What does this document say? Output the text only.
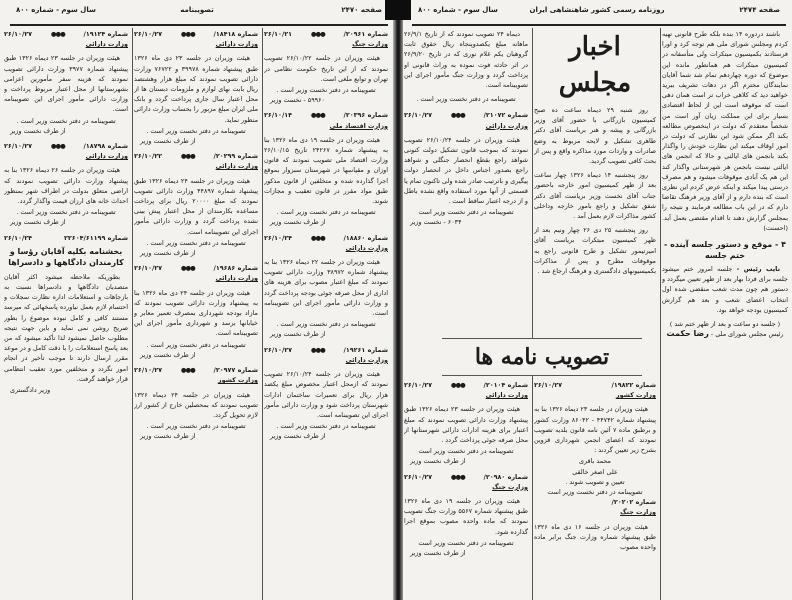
صفحه ۲۴۷۰
تصویبنامه
سال سوم - شماره ۸۰۰
شماره ۲۰۹۶۱/
●●●
۲۶/۱۰/۲۱
وزارت جنگ
هیئت وزیران در جلسه ۲۶/۱۰/۲۲ تصویب نمودند که از این تاریخ حکومت نظامی در تهران و توابع ملغی است.
تصویبنامه در دفتر نخست وزیر است .
۵۹۹۶۰ - نخست وزیر
شماره ۲۰۳۹۶/
●●●
۲۶/۱۰/۱۴
وزارت اقتصاد ملی
هیئت وزیران در جلسه ۱۹ دی ماه ۱۳۲۶ بنا به پیشنهاد شماره ۲۴۲۶۷ تاریخ ۲۶/۱۰/۱۵ وزارت اقتصاد ملی تصویب نمودند که قانون اوزان و مقیاسها در شهرستان سبزوار بموقع اجرا گذارده شده و متخلفین از قانون مذکور طبق مواد مقرر در قانون تعقیب و مجازات شوند.
تصویبنامه در دفتر نخست وزیر است .
از طرف نخست وزیر
شماره ۱۸۸۶۰/
●●●
۲۶/۱۰/۲۴
وزارت دارائی
هیئت وزیران در جلسه ۲۲ دیماه ۱۳۲۶ بنا به پیشنهاد شماره ۳۸۹۷۲ وزارت دارائی تصویب نمودند که مبلغ اعتبار مصوب برای هزینه های اداری از محل صرفه جوئی بودجه پرداخت گردد و وزارت دارائی مأمور اجرای این تصویبنامه است.
تصویبنامه در دفتر نخست وزیر است .
از طرف نخست وزیر
شماره ۱۹۲۶۱/
●●●
۲۶/۱۰/۲۷
وزارت دارائی
هیئت وزیران در جلسه ۲۶/۱۰/۲۴ تصویب نمودند که ازمحل اعتبار مخصوص مبلغ یکصد هزار ریال برای تعمیرات ساختمان ادارات شهرستان پرداخت شود و وزارت دارائی مأمور اجرای این تصویبنامه است.
تصویبنامه در دفتر نخست وزیر است .
از طرف نخست وزیر
شماره ۱۸۴۱۸/
●●●
۲۶/۱۰/۲۷
وزارت دارائی
هیئت وزیران در جلسه ۲۳ دی ماه ۱۳۲۶ طبق پیشنهاد شماره ۳۹۹۷۸ و ۷۶۷۲۲ وزارت دارائی تصویب نمودند که مبلغ هزار وهشتصد ریال بابت بهای لوازم و ملزومات دبستان ها از محل اعتبار سال جاری پرداخت گردد و بانک ملی ایران مبلغ مزبور را بحساب وزارت دارائی منظور نماید.
تصویبنامه در دفتر نخست وزیر است .
از طرف نخست وزیر
شماره ۲۰۲۹۹/
●●●
۲۶/۱۰/۲۲
وزارت دارائی
هیئت وزیران در جلسه ۲۴ دیماه ۱۳۲۶ طبق پیشنهاد شماره ۴۴۸۹۷ وزارت دارائی تصویب نمودند که مبلغ ۲۰۰۰۰ ریال برای پرداخت مساعده بکارمندان از محل اعتبار پیش بینی نشده پرداخت گردد و وزارت دارائی مأمور اجرای این تصویبنامه است.
تصویبنامه در دفتر نخست وزیر است .
از طرف نخست وزیر
شماره ۱۹۶۸۶/
●●●
۲۶/۱۰/۲۷
وزارت دارائی
هیئت وزیران در جلسه ۲۴ دی ماه ۱۳۲۶ بنا به پیشنهاد وزارت دارائی تصویب نمودند که مازاد بودجه شهرداری بمصرف تعمیر معابر و خیابانها برسد و شهرداری مأمور اجرای این تصویبنامه است.
تصویبنامه در دفتر نخست وزیر است .
از طرف نخست وزیر
شماره ۲۰۹۷۷/
●●●
۲۶/۱۰/۲۷
وزارت کشور
هیئت وزیران در جلسه ۲۴ دیماه ۱۳۲۶ تصویب نمودند که بمحصلین خارج از کشور ارز لازم تحویل گردد.
تصویبنامه در دفتر نخست وزیر است .
از طرف نخست وزیر
شماره ۱۹۱۲۴/
●●●
۲۶/۱۰/۲۷
وزارت دارائی
هیئت وزیران در جلسه ۲۳ دیماه ۱۳۲۶ طبق پیشنهاد شماره ۳۹۷۷ وزارت دارائی تصویب نمودند که هزینه سفر مأمورین اعزامی بشهرستانها از محل اعتبار مربوط پرداخت و وزارت دارائی مأمور اجرای این تصویبنامه است.
تصویبنامه در دفتر نخست وزیر است .
از طرف نخست وزیر
شماره ۱۸۷۹۸/
●●●
۲۶/۱۰/۲۷
وزارت دارائی
هیئت وزیران در جلسه ۲۶ دیماه ۱۳۲۶ بنا به پیشنهاد وزارت دارائی تصویب نمودند که اراضی متعلق بدولت در اطراف شهر بمنظور احداث خانه های ارزان قیمت واگذار گردد.
تصویبنامه در دفتر نخست وزیر است .
از طرف نخست وزیر
شماره ۲۲۶۰۴/۶۱۱۹۹
۲۶/۱۰/۲۴
بخشنامه بکلیه آقایان رؤسا و کارمندان دادگاهها و دادسراها
بطوریکه ملاحظه میشود اکثر آقایان متصدیان دادگاهها و دادسراها نسبت به بازجاهات و استعلامات اداره نظارت سجلات و احتسام لازم بعمل نیاورده پاسخهائی که میرسد مستند کافی و کامل نبوده موضوع را بطور صریح روشن نمی نماید و باین جهت نتیجه مطلوب حاصل نمیشود لذا تأکید میشود که من بعد پاسخ استعلامات را با دقت کامل و در موعد مقرر ارسال دارند تا موجب تأخیر در انجام امور نگردد و متخلفین مورد تعقیب انتظامی قرار خواهند گرفت.
وزیر دادگستری
صفحه ۲۴۷۴
روزنامه رسمی کشور شاهنشاهی ایران
سال سوم - شماره ۸۰۰
باشند دردوره ۱۴ بنده بلکه طرح قانونی تهیه کردم ومجلس شورای ملی هم توجه کرد و اورا فرستادند بکمیسیون مبتکرات ولی متأسفانه در کمیسیون مبتکرات هم همانطور مانده این موضوع که دوره چهاردهم تمام شد شما آقایان نمایندگان محترم اگر در دهات تشریف ببرید خواهید دید که کلاهی خراب تر است همان دهی است که موقوفه است این از لحاظ اقتصادی بسیار برای این مملکت زیان آور است من شخصاً معتقدم که دولت در اینخصوص مطالعه بکند اگر ممکن شود این نظارتی که دولت در امور اوقاف میکند این نظارت خودش را واگذار بکند بانجمن های ایالتی و حالا که انجمن های ایالتی نیست بانجمن هر شهرستانی واگذار کند این هم یک آبادی موقوفات میشود و هم مصرف درستی پیدا میکند و اینکه عرض کردم این نظری است که بنده دارم و از آقای وزیر فرهنگ تقاضا دارم که در این باب مطالعه فرمایند و نتیجه را بمجلس گزارش دهند تا اقدام مقتضی بعمل آید. (احسنت)
۴ - موقع و دستور جلسه آینده - ختم جلسه
نایب رئیس - جلسه امروز ختم میشود جلسه برای فردا بهار بعد از ظهر تعیین میگردد و دستور هم چون مدت شعب منقضی شده اول انتخاب اعضای شعب و بعد هم گزارش کمیسیون بودجه خواهد بود.
( جلسه دو ساعت و بعد از ظهر ختم شد )
رئیس مجلس شورای ملی - رضا حکمت
اخبار مجلس
روز شنبه ۲۹ دیماه ساعت ده صبح کمیسیون بازرگانی با حضور آقای وزیر بازرگانی و پیشه و هنر بریاست آقای دکتر طاهری تشکیل و لایحه مربوط به وضع صادرات و واردات مورد مذاکره واقع و پس از بحث کافی تصویب گردید.
روز پنجشنبه ۱۴ دیماه ۱۳۲۶ چهار ساعت بعد از ظهر کمیسیون امور خارجه باحضور جناب آقای نخست وزیر بریاست آقای دکتر شفق تشکیل و راجع بامور خارجه وداخلی کشور مذاکرات لازم بعمل آمد .
روز پنجشنبه ۲۵ دی ۲۶ چهار ونیم بعد از ظهر کمیسیون مبتکرات بریاست آقای امیرتیمور تشکیل و طرح قانونی راجع به موقوفات مطرح و پس از مذاکرات بکمیسیونهای دادگستری و فرهنگ ارجاع شد .
شماره ۱۹۸۲۲/
۲۶/۱۰/۲۷
وزارت کشور
هیئت وزیران در جلسه ۲۳ دیماه ۱۳۲۶ بنا به پیشنهاد شماره ۴۴۷۴۲ - ۸۶۰۴۲ وزارت کشور و برطبق ماده ۷ آئین نامه قانون بلدیه تصویب نمودند که اعضای انجمن شهرداری قزوین بشرح زیر تعیین گردند :
محمد باقری
علی اصغر خالقی
تعیین و تصویب شوند .
تصویبنامه در دفتر نخست وزیر است
شماره ۲۰۲۰۲/
وزارت جنگ
هیئت وزیران در جلسه ۱۶ دی ماه ۱۳۲۶ طبق پیشنهاد شماره وزارت جنگ برابر ماده واحده مصوب
دیماه ۲۴ تصویب نمودند که از تاریخ ۲۶/۹/۱ ماهانه مبلغ یکصدوپنجاه ریال حقوق ثابت گروهبان یکم غلام نوری که در تاریخ ۲۶/۹/۲۰ در اثر حادثه فوت نموده به وراث قانونی او پرداخت گردد و وزارت جنگ مأمور اجرای این تصویبنامه است.
تصویبنامه در دفتر نخست وزیر است .
شماره ۲۱۰۷۲/
●●●
۲۶/۱۰/۲۷
وزارت دارائی
هیئت وزیران در جلسه ۲۶/۱۰/۲۴ تصویب نمودند که بموجب قانون تشکیل دولت کنونی شواهد راجع بقطع انحصار جنگلی و شواهد راجع بصدور اجناس داخل در انحصار دولت پیگیری و باترتیب صادر شده ولی تاکنون تمام یا قسمتی از آنها مورد استفاده واقع نشده باطل و از درجه اعتبار ساقط است .
تصویبنامه در دفتر نخست وزیر است
۶۰۳۴ - نخست وزیر
شماره ۲۰۱۰۴/
●●●
۲۶/۱۰/۲۷
وزارت دارائی
هیئت وزیران در جلسه ۲۳ دیماه ۱۳۲۶ طبق پیشنهاد وزارت دارائی تصویب نمودند که مبلغ اعتبار برای هزینه ادارات دارائی شهرستانها از محل صرفه جوئی پرداخت گردد .
تصویبنامه در دفتر نخست وزیر است
از طرف نخست وزیر
شماره ۲۰۹۸۰/
●●●
۲۶/۱۰/۲۷
وزارت جنگ
هیئت وزیران در جلسه ۱۹ دی ماه ۱۳۲۶ طبق پیشنهاد شماره ۵۵۶۷ وزارت جنگ تصویب نمودند که ماده واحده مصوب بموقع اجرا گذارده شود.
تصویبنامه در دفتر نخست وزیر است
از طرف نخست وزیر
تصویب نامه ها
